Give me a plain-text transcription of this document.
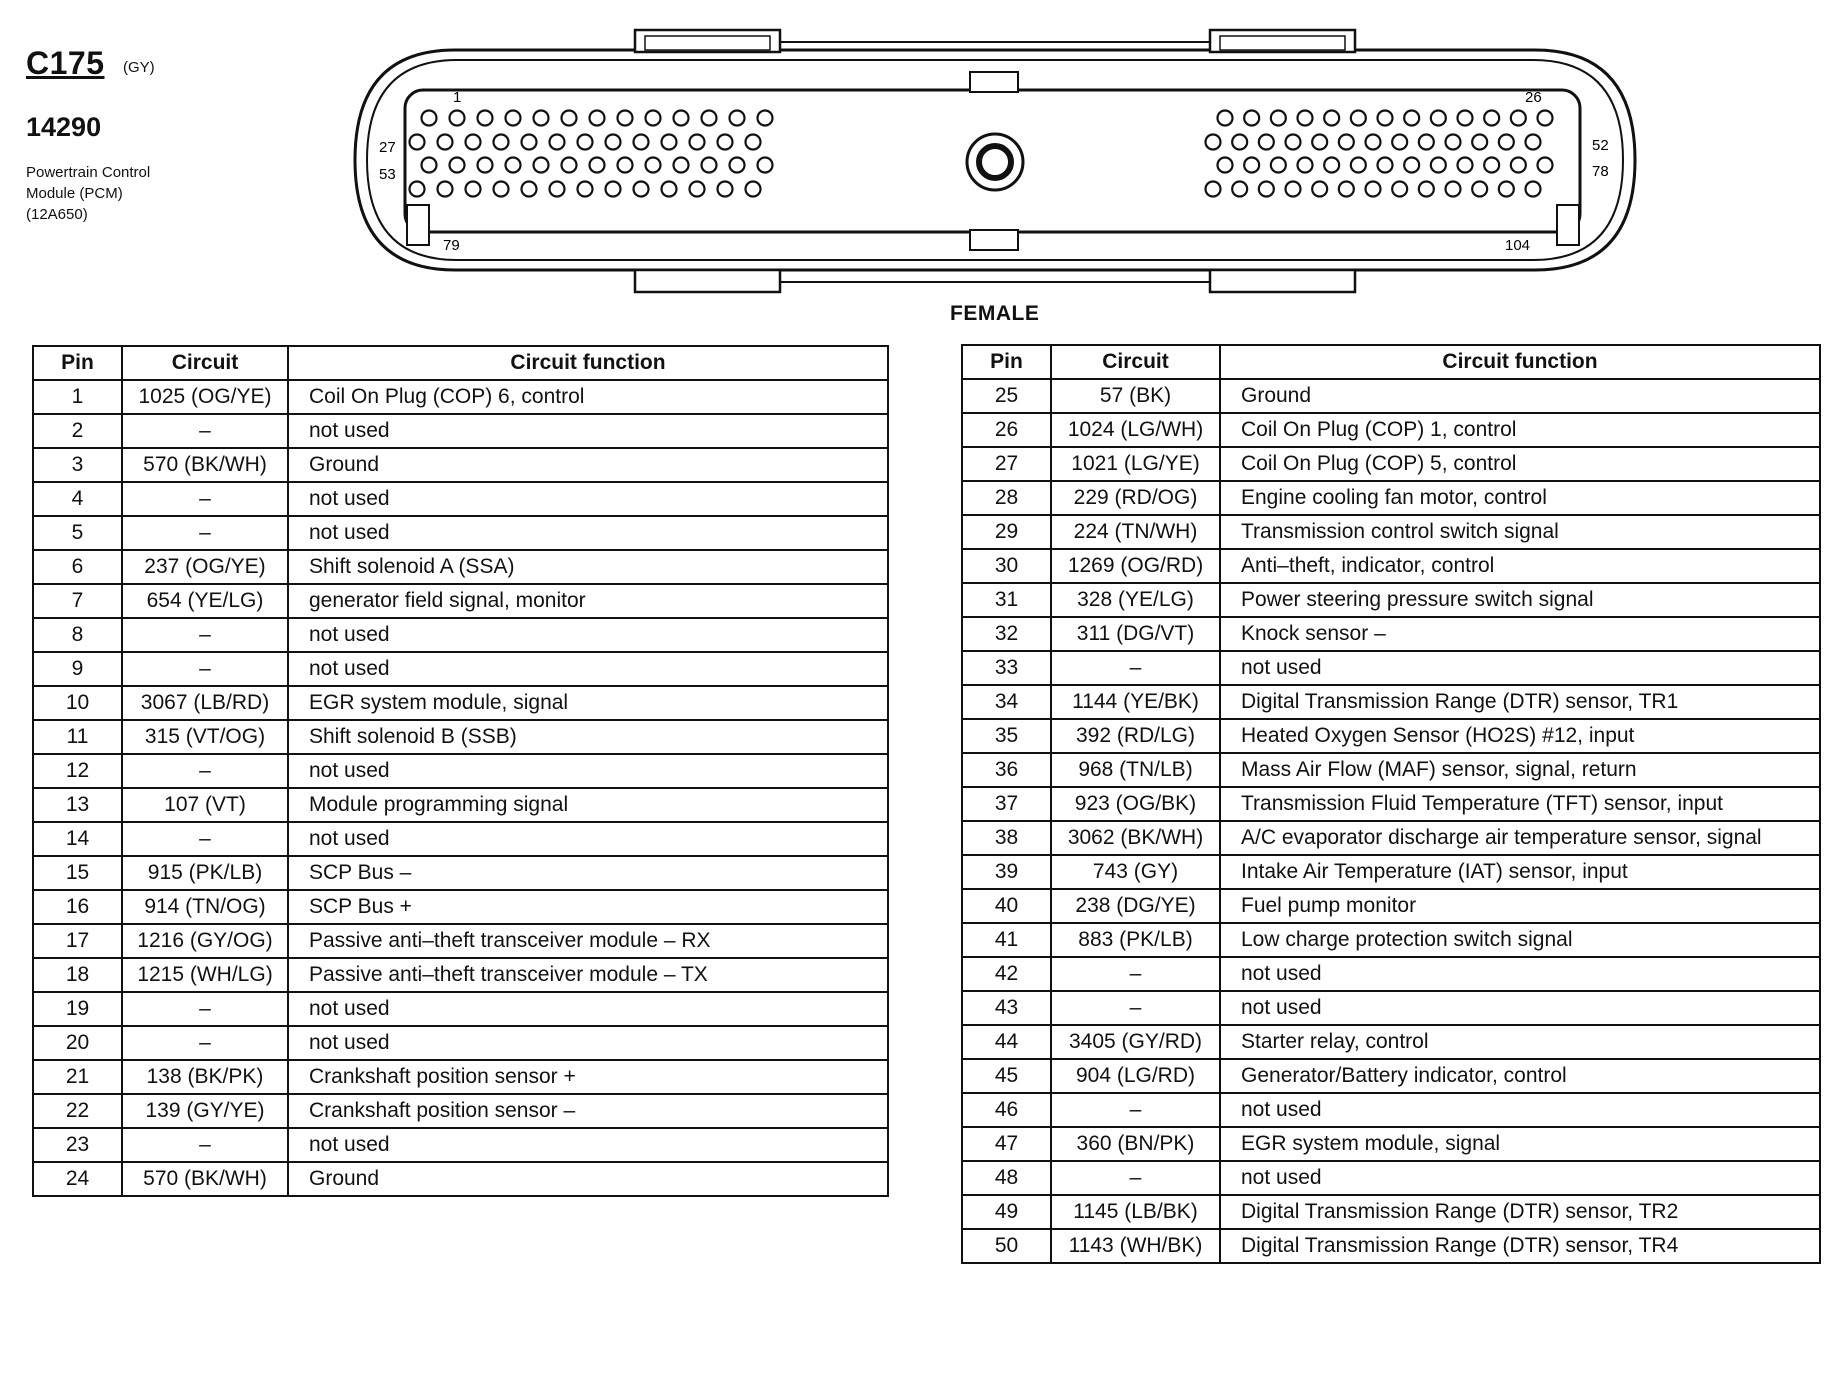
C175 (GY)
14290
Powertrain Control
Module (PCM)
(12A650)
1	26
27
53
52
78
79	104
FEMALE
Pin	Circuit	Circuit function
1	1025 (OG/YE)	Coil On Plug (COP) 6, control
2	–	not used
3	570 (BK/WH)	Ground
4	–	not used
5	–	not used
6	237 (OG/YE)	Shift solenoid A (SSA)
7	654 (YE/LG)	generator field signal, monitor
8	–	not used
9	–	not used
10	3067 (LB/RD)	EGR system module, signal
11	315 (VT/OG)	Shift solenoid B (SSB)
12	–	not used
13	107 (VT)	Module programming signal
14	–	not used
15	915 (PK/LB)	SCP Bus –
16	914 (TN/OG)	SCP Bus +
17	1216 (GY/OG)	Passive anti–theft transceiver module – RX
18	1215 (WH/LG)	Passive anti–theft transceiver module – TX
19	–	not used
20	–	not used
21	138 (BK/PK)	Crankshaft position sensor +
22	139 (GY/YE)	Crankshaft position sensor –
23	–	not used
24	570 (BK/WH)	Ground
Pin	Circuit	Circuit function
25	57 (BK)	Ground
26	1024 (LG/WH)	Coil On Plug (COP) 1, control
27	1021 (LG/YE)	Coil On Plug (COP) 5, control
28	229 (RD/OG)	Engine cooling fan motor, control
29	224 (TN/WH)	Transmission control switch signal
30	1269 (OG/RD)	Anti–theft, indicator, control
31	328 (YE/LG)	Power steering pressure switch signal
32	311 (DG/VT)	Knock sensor –
33	–	not used
34	1144 (YE/BK)	Digital Transmission Range (DTR) sensor, TR1
35	392 (RD/LG)	Heated Oxygen Sensor (HO2S) #12, input
36	968 (TN/LB)	Mass Air Flow (MAF) sensor, signal, return
37	923 (OG/BK)	Transmission Fluid Temperature (TFT) sensor, input
38	3062 (BK/WH)	A/C evaporator discharge air temperature sensor, signal
39	743 (GY)	Intake Air Temperature (IAT) sensor, input
40	238 (DG/YE)	Fuel pump monitor
41	883 (PK/LB)	Low charge protection switch signal
42	–	not used
43	–	not used
44	3405 (GY/RD)	Starter relay, control
45	904 (LG/RD)	Generator/Battery indicator, control
46	–	not used
47	360 (BN/PK)	EGR system module, signal
48	–	not used
49	1145 (LB/BK)	Digital Transmission Range (DTR) sensor, TR2
50	1143 (WH/BK)	Digital Transmission Range (DTR) sensor, TR4
